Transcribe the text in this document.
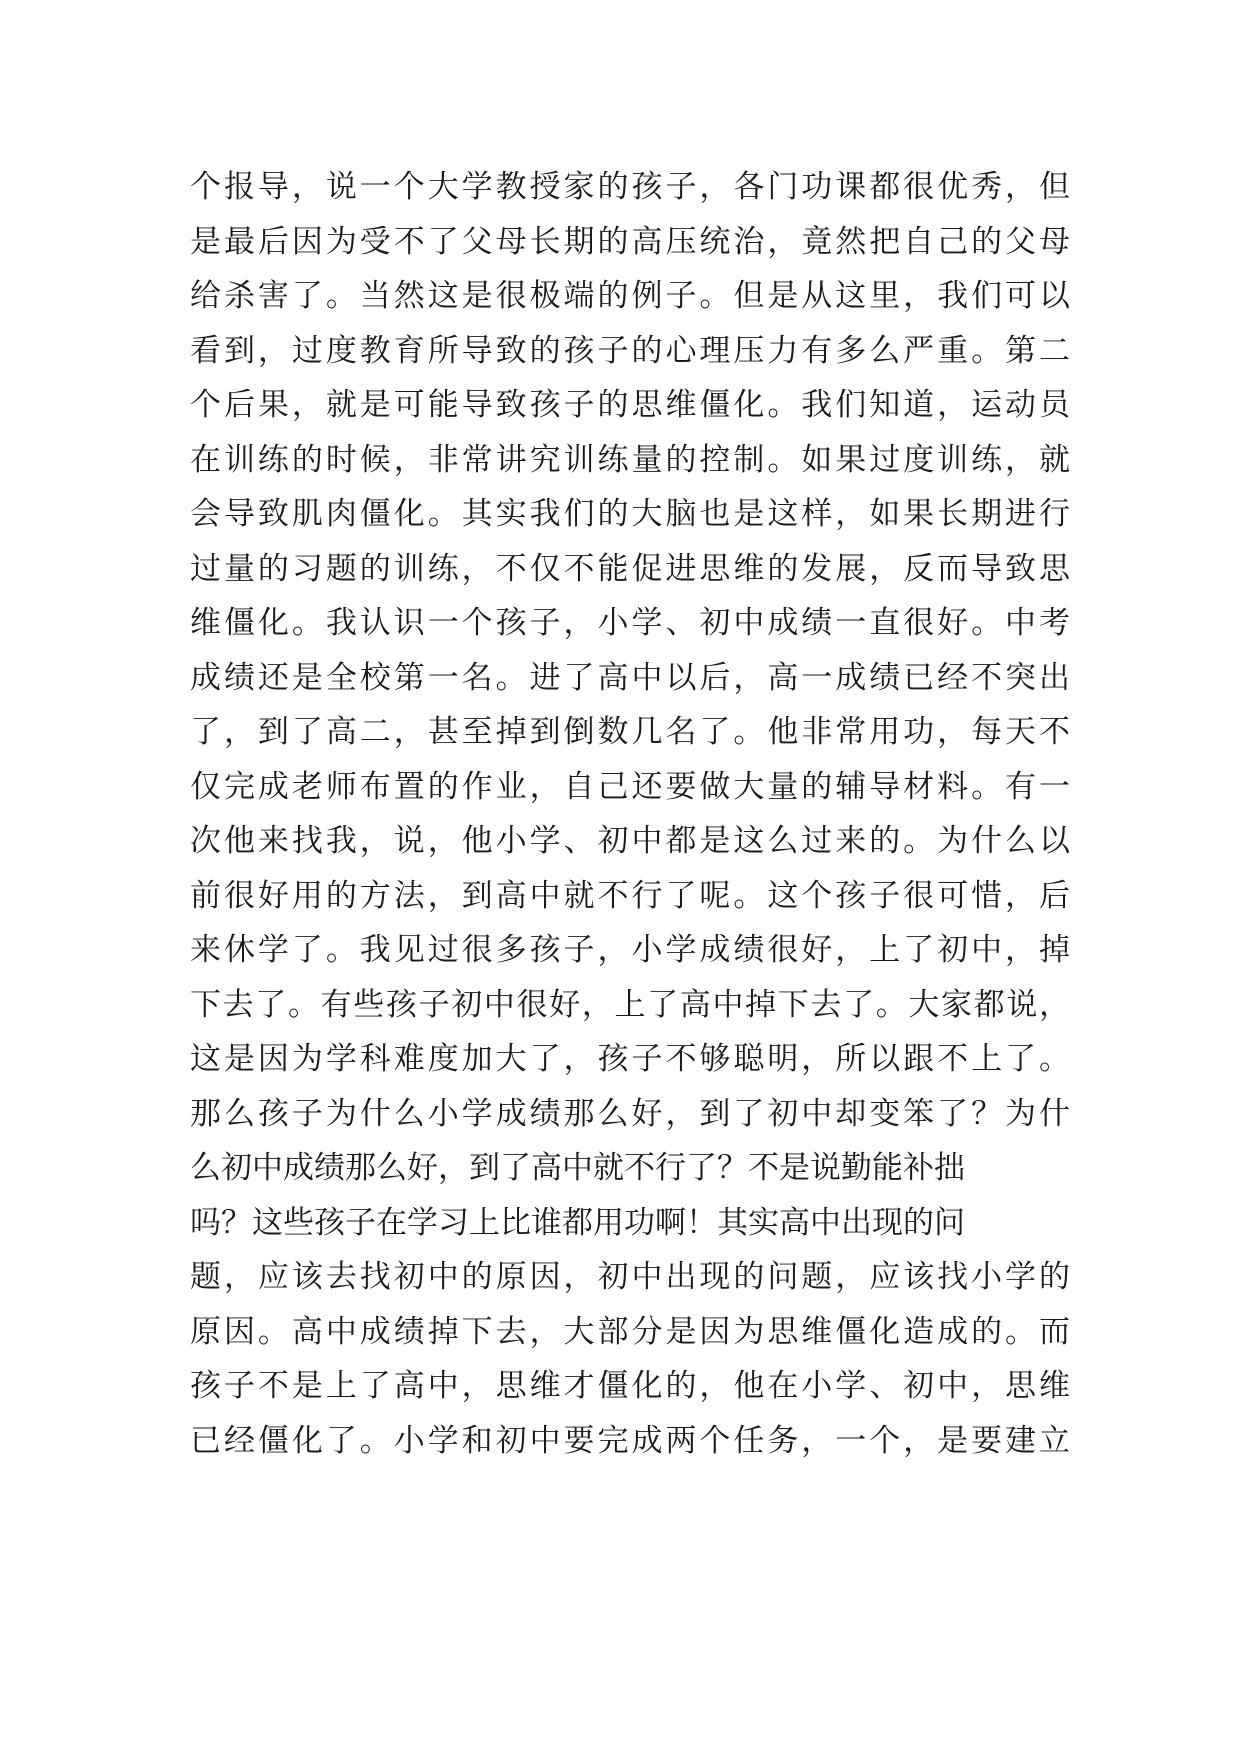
个报导，说一个大学教授家的孩子，各门功课都很优秀，但
是最后因为受不了父母长期的高压统治，竟然把自己的父母
给杀害了。当然这是很极端的例子。但是从这里，我们可以
看到，过度教育所导致的孩子的心理压力有多么严重。第二
个后果，就是可能导致孩子的思维僵化。我们知道，运动员
在训练的时候，非常讲究训练量的控制。如果过度训练，就
会导致肌肉僵化。其实我们的大脑也是这样，如果长期进行
过量的习题的训练，不仅不能促进思维的发展，反而导致思
维僵化。我认识一个孩子，小学、初中成绩一直很好。中考
成绩还是全校第一名。进了高中以后，高一成绩已经不突出
了，到了高二，甚至掉到倒数几名了。他非常用功，每天不
仅完成老师布置的作业，自己还要做大量的辅导材料。有一
次他来找我，说，他小学、初中都是这么过来的。为什么以
前很好用的方法，到高中就不行了呢。这个孩子很可惜，后
来休学了。我见过很多孩子，小学成绩很好，上了初中，掉
下去了。有些孩子初中很好，上了高中掉下去了。大家都说，
这是因为学科难度加大了，孩子不够聪明，所以跟不上了。
那么孩子为什么小学成绩那么好，到了初中却变笨了？为什
么初中成绩那么好，到了高中就不行了？不是说勤能补拙
吗？这些孩子在学习上比谁都用功啊！其实高中出现的问
题，应该去找初中的原因，初中出现的问题，应该找小学的
原因。高中成绩掉下去，大部分是因为思维僵化造成的。而
孩子不是上了高中，思维才僵化的，他在小学、初中，思维
已经僵化了。小学和初中要完成两个任务，一个，是要建立
